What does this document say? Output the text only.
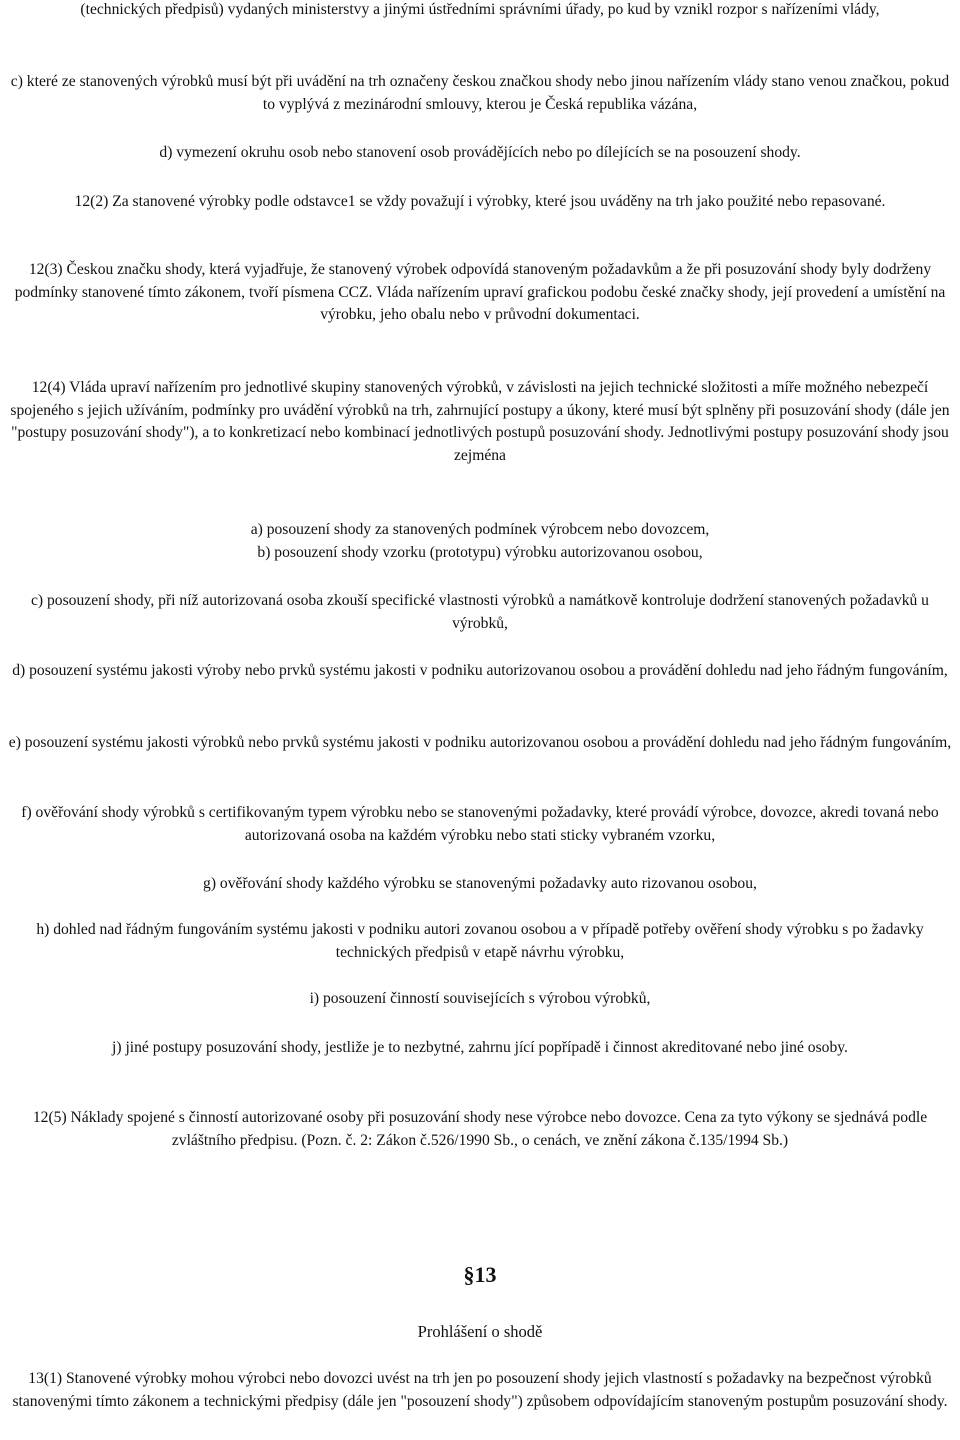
(technických předpisů) vydaných ministerstvy a jinými ústředními správními úřady, po kud by vznikl rozpor s nařízeními vlády,

c) které ze stanovených výrobků musí být při uvádění na trh označeny českou značkou shody nebo jinou nařízením vlády stano venou značkou, pokud to vyplývá z mezinárodní smlouvy, kterou je Česká republika vázána,

d) vymezení okruhu osob nebo stanovení osob provádějících nebo po dílejících se na posouzení shody.

12(2) Za stanovené výrobky podle odstavce1 se vždy považují i výrobky, které jsou uváděny na trh jako použité nebo repasované.

12(3) Českou značku shody, která vyjadřuje, že stanovený výrobek odpovídá stanoveným požadavkům a že při posuzování shody byly dodrženy podmínky stanovené tímto zákonem, tvoří písmena CCZ. Vláda nařízením upraví grafickou podobu české značky shody, její provedení a umístění na výrobku, jeho obalu nebo v průvodní dokumentaci.

12(4) Vláda upraví nařízením pro jednotlivé skupiny stanovených výrobků, v závislosti na jejich technické složitosti a míře možného nebezpečí spojeného s jejich užíváním, podmínky pro uvádění výrobků na trh, zahrnující postupy a úkony, které musí být splněny při posuzování shody (dále jen "postupy posuzování shody"), a to konkretizací nebo kombinací jednotlivých postupů posuzování shody. Jednotlivými postupy posuzování shody jsou zejména

a) posouzení shody za stanovených podmínek výrobcem nebo dovozcem,

b) posouzení shody vzorku (prototypu) výrobku autorizovanou osobou,

c) posouzení shody, při níž autorizovaná osoba zkouší specifické vlastnosti výrobků a namátkově kontroluje dodržení stanovených požadavků u výrobků,

d) posouzení systému jakosti výroby nebo prvků systému jakosti v podniku autorizovanou osobou a provádění dohledu nad jeho řádným fungováním,

e) posouzení systému jakosti výrobků nebo prvků systému jakosti v podniku autorizovanou osobou a provádění dohledu nad jeho řádným fungováním,

f) ověřování shody výrobků s certifikovaným typem výrobku nebo se stanovenými požadavky, které provádí výrobce, dovozce, akredi tovaná nebo autorizovaná osoba na každém výrobku nebo stati sticky vybraném vzorku,

g) ověřování shody každého výrobku se stanovenými požadavky auto rizovanou osobou,

h) dohled nad řádným fungováním systému jakosti v podniku autori zovanou osobou a v případě potřeby ověření shody výrobku s po žadavky technických předpisů v etapě návrhu výrobku,

i) posouzení činností souvisejících s výrobou výrobků,

j) jiné postupy posuzování shody, jestliže je to nezbytné, zahrnu jící popřípadě i činnost akreditované nebo jiné osoby.

12(5) Náklady spojené s činností autorizované osoby při posuzování shody nese výrobce nebo dovozce. Cena za tyto výkony se sjednává podle zvláštního předpisu. (Pozn. č. 2: Zákon č.526/1990 Sb., o cenách, ve znění zákona č.135/1994 Sb.)

§13
Prohlášení o shodě

13(1) Stanovené výrobky mohou výrobci nebo dovozci uvést na trh jen po posouzení shody jejich vlastností s požadavky na bezpečnost výrobků stanovenými tímto zákonem a technickými předpisy (dále jen "posouzení shody") způsobem odpovídajícím stanoveným postupům posuzování shody.
